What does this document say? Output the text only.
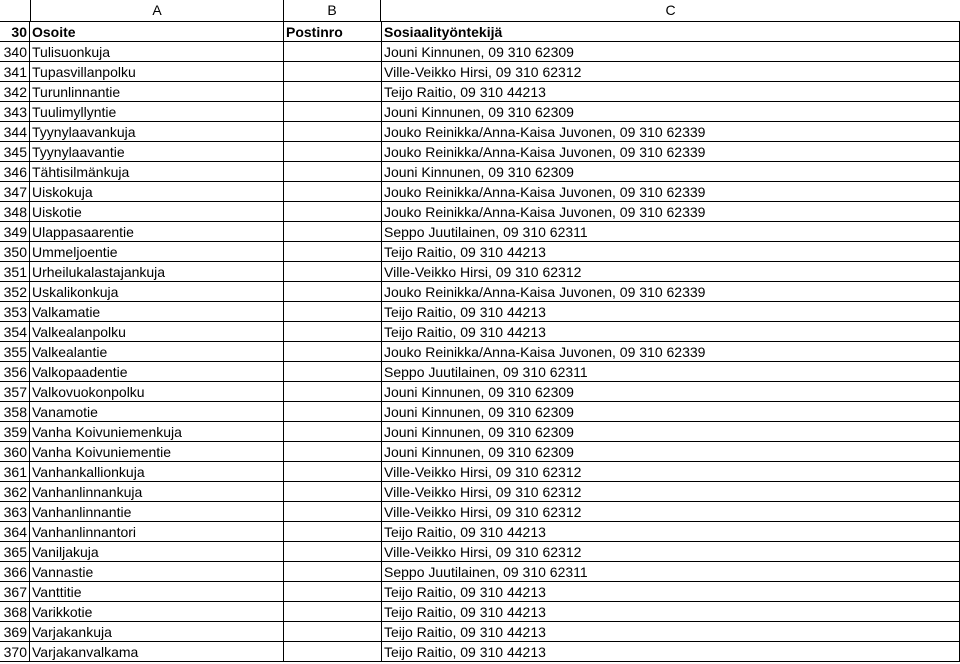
A	B	C
30	Osoite	Postinro	Sosiaalityöntekijä
340	Tulisuonkuja		Jouni Kinnunen, 09 310 62309
341	Tupasvillanpolku		Ville-Veikko Hirsi, 09 310 62312
342	Turunlinnantie		Teijo Raitio, 09 310 44213
343	Tuulimyllyntie		Jouni Kinnunen, 09 310 62309
344	Tyynylaavankuja		Jouko Reinikka/Anna-Kaisa Juvonen, 09 310 62339
345	Tyynylaavantie		Jouko Reinikka/Anna-Kaisa Juvonen, 09 310 62339
346	Tähtisilmänkuja		Jouni Kinnunen, 09 310 62309
347	Uiskokuja		Jouko Reinikka/Anna-Kaisa Juvonen, 09 310 62339
348	Uiskotie		Jouko Reinikka/Anna-Kaisa Juvonen, 09 310 62339
349	Ulappasaarentie		Seppo Juutilainen, 09 310 62311
350	Ummeljoentie		Teijo Raitio, 09 310 44213
351	Urheilukalastajankuja		Ville-Veikko Hirsi, 09 310 62312
352	Uskalikonkuja		Jouko Reinikka/Anna-Kaisa Juvonen, 09 310 62339
353	Valkamatie		Teijo Raitio, 09 310 44213
354	Valkealanpolku		Teijo Raitio, 09 310 44213
355	Valkealantie		Jouko Reinikka/Anna-Kaisa Juvonen, 09 310 62339
356	Valkopaadentie		Seppo Juutilainen, 09 310 62311
357	Valkovuokonpolku		Jouni Kinnunen, 09 310 62309
358	Vanamotie		Jouni Kinnunen, 09 310 62309
359	Vanha Koivuniemenkuja		Jouni Kinnunen, 09 310 62309
360	Vanha Koivuniementie		Jouni Kinnunen, 09 310 62309
361	Vanhankallionkuja		Ville-Veikko Hirsi, 09 310 62312
362	Vanhanlinnankuja		Ville-Veikko Hirsi, 09 310 62312
363	Vanhanlinnantie		Ville-Veikko Hirsi, 09 310 62312
364	Vanhanlinnantori		Teijo Raitio, 09 310 44213
365	Vaniljakuja		Ville-Veikko Hirsi, 09 310 62312
366	Vannastie		Seppo Juutilainen, 09 310 62311
367	Vanttitie		Teijo Raitio, 09 310 44213
368	Varikkotie		Teijo Raitio, 09 310 44213
369	Varjakankuja		Teijo Raitio, 09 310 44213
370	Varjakanvalkama		Teijo Raitio, 09 310 44213
